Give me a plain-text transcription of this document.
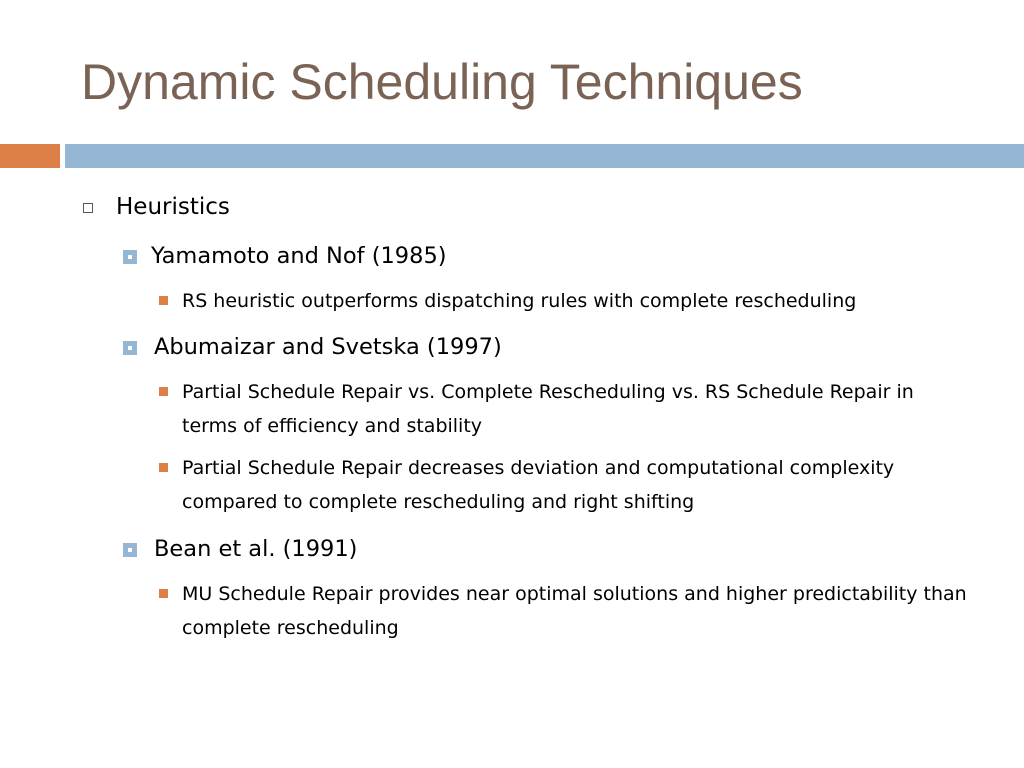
Dynamic Scheduling Techniques
Heuristics
Yamamoto and Nof (1985)
RS heuristic outperforms dispatching rules with complete rescheduling
Abumaizar and Svetska (1997)
Partial Schedule Repair vs. Complete Rescheduling vs. RS Schedule Repair in terms of efficiency and stability
Partial Schedule Repair decreases deviation and computational complexity compared to complete rescheduling and right shifting
Bean et al. (1991)
MU Schedule Repair provides near optimal solutions and higher predictability than complete rescheduling
